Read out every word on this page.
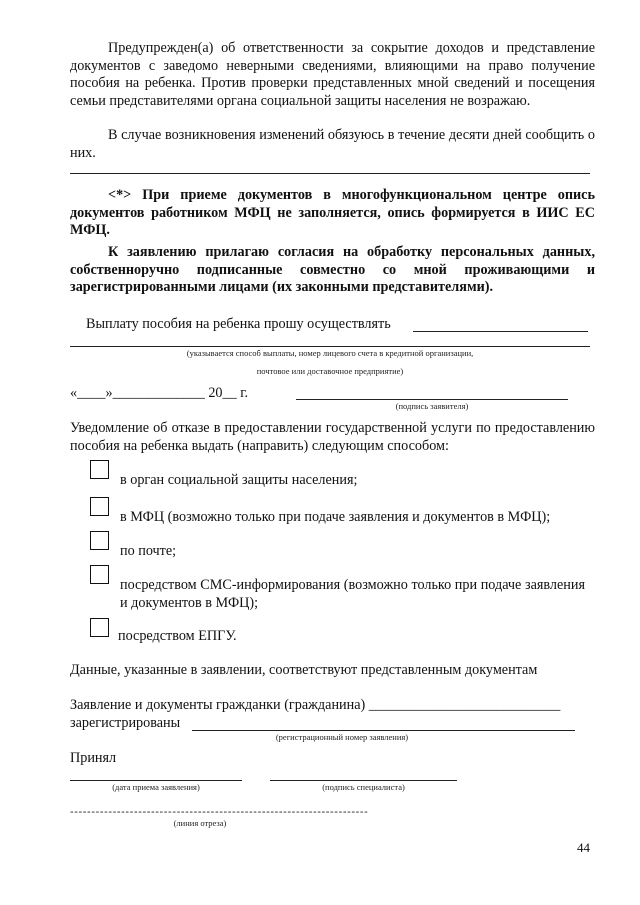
Предупрежден(а) об ответственности за сокрытие доходов и представление документов с заведомо неверными сведениями, влияющими на право получение пособия на ребенка. Против проверки представленных мной сведений и посещения семьи представителями органа социальной защиты населения не возражаю.

В случае возникновения изменений обязуюсь в течение десяти дней сообщить о них.

<*> При приеме документов в многофункциональном центре опись документов работником МФЦ не заполняется, опись формируется в ИИС ЕС МФЦ.

К заявлению прилагаю согласия на обработку персональных данных, собственноручно подписанные совместно со мной проживающими и зарегистрированными лицами (их законными представителями).

Выплату пособия на ребенка прошу осуществлять
(указывается способ выплаты, номер лицевого счета в кредитной организации,
почтовое или доставочное предприятие)
«____»_____________ 20__ г.
(подпись заявителя)

Уведомление об отказе в предоставлении государственной услуги по предоставлению пособия на ребенка выдать (направить) следующим способом:

в орган социальной защиты населения;
в МФЦ (возможно только при подаче заявления и документов в МФЦ);
по почте;
посредством СМС-информирования (возможно только при подаче заявления и документов в МФЦ);
посредством ЕПГУ.
Данные, указанные в заявлении, соответствуют представленным документам
Заявление и документы гражданки (гражданина) ___________________________
зарегистрированы
(регистрационный номер заявления)
Принял
(дата приема заявления)	(подпись специалиста)
----------------------------------------------------------------------
(линия отреза)
44
